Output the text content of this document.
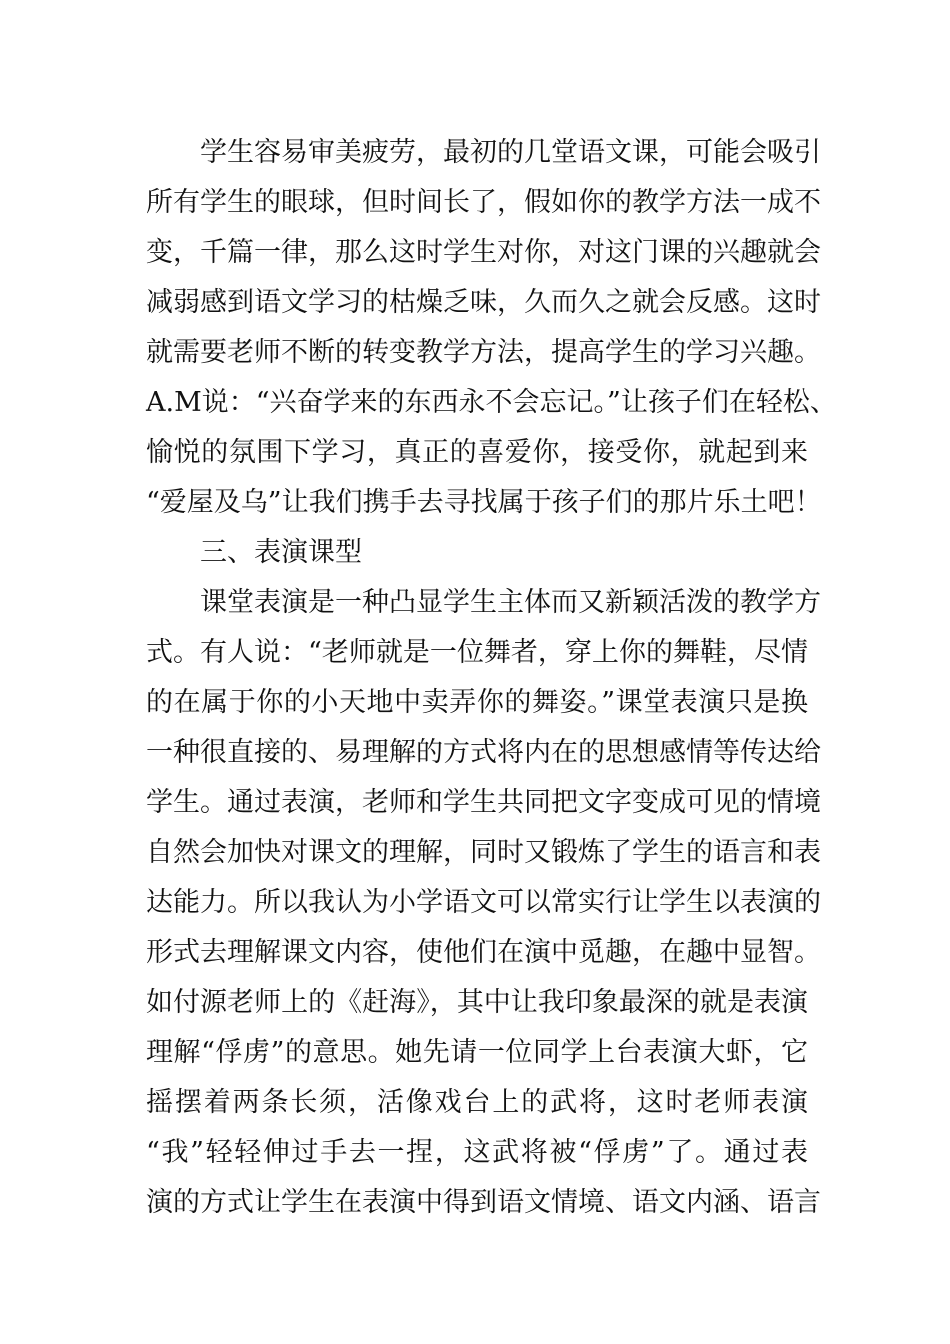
学生容易审美疲劳，最初的几堂语文课，可能会吸引
所有学生的眼球，但时间长了，假如你的教学方法一成不
变，千篇一律，那么这时学生对你，对这门课的兴趣就会
减弱感到语文学习的枯燥乏味，久而久之就会反感。这时
就需要老师不断的转变教学方法，提高学生的学习兴趣。
A.M说：“兴奋学来的东西永不会忘记。”让孩子们在轻松、
愉悦的氛围下学习，真正的喜爱你，接受你，就起到来
“爱屋及乌”让我们携手去寻找属于孩子们的那片乐土吧！
三、表演课型
课堂表演是一种凸显学生主体而又新颖活泼的教学方
式。有人说：“老师就是一位舞者，穿上你的舞鞋，尽情
的在属于你的小天地中卖弄你的舞姿。”课堂表演只是换
一种很直接的、易理解的方式将内在的思想感情等传达给
学生。通过表演，老师和学生共同把文字变成可见的情境
自然会加快对课文的理解，同时又锻炼了学生的语言和表
达能力。所以我认为小学语文可以常实行让学生以表演的
形式去理解课文内容，使他们在演中觅趣，在趣中显智。
如付源老师上的《赶海》，其中让我印象最深的就是表演
理解“俘虏”的意思。她先请一位同学上台表演大虾，它
摇摆着两条长须，活像戏台上的武将，这时老师表演
“我”轻轻伸过手去一捏，这武将被“俘虏”了。通过表
演的方式让学生在表演中得到语文情境、语文内涵、语言
